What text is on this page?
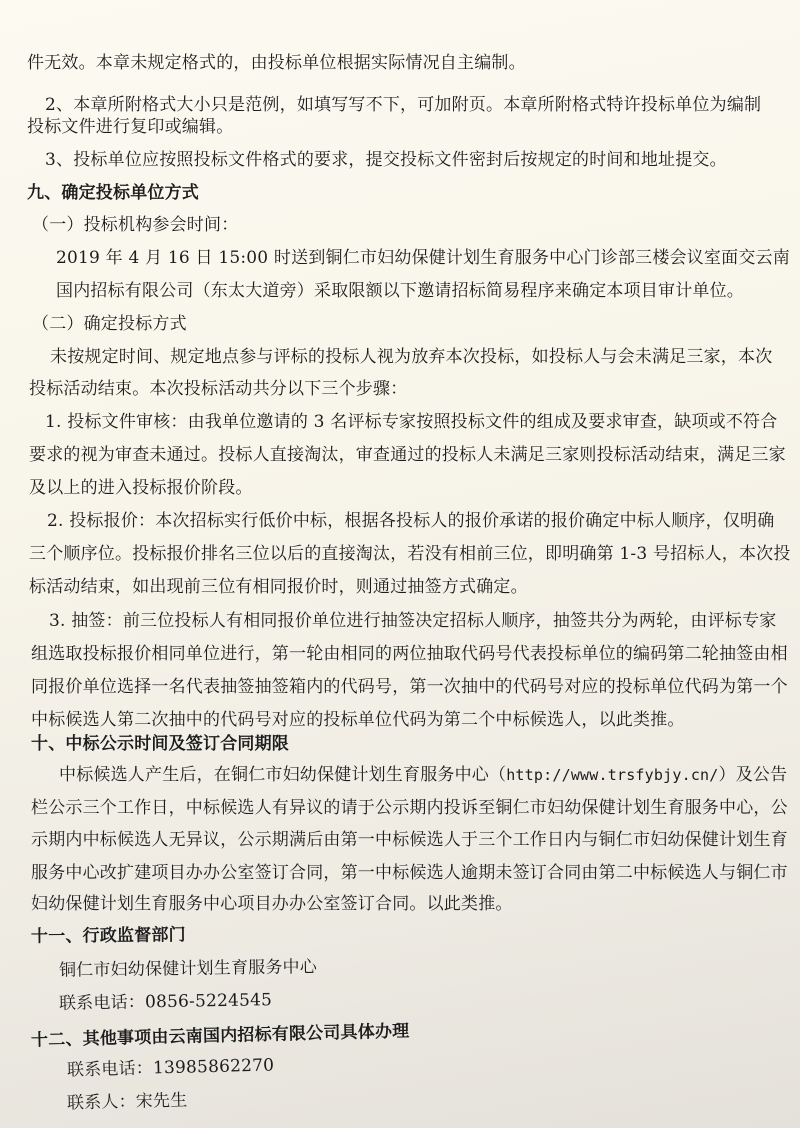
件无效。本章未规定格式的，由投标单位根据实际情况自主编制。
2、本章所附格式大小只是范例，如填写写不下，可加附页。本章所附格式特许投标单位为编制
投标文件进行复印或编辑。
3、投标单位应按照投标文件格式的要求，提交投标文件密封后按规定的时间和地址提交。
九、确定投标单位方式
（一）投标机构参会时间：
2019 年 4 月 16 日 15:00 时送到铜仁市妇幼保健计划生育服务中心门诊部三楼会议室面交云南
国内招标有限公司（东太大道旁）采取限额以下邀请招标简易程序来确定本项目审计单位。
（二）确定投标方式
未按规定时间、规定地点参与评标的投标人视为放弃本次投标，如投标人与会未满足三家，本次
投标活动结束。本次投标活动共分以下三个步骤：
1. 投标文件审核：由我单位邀请的 3 名评标专家按照投标文件的组成及要求审查，缺项或不符合
要求的视为审查未通过。投标人直接淘汰，审查通过的投标人未满足三家则投标活动结束，满足三家
及以上的进入投标报价阶段。
2. 投标报价：本次招标实行低价中标，根据各投标人的报价承诺的报价确定中标人顺序，仅明确
三个顺序位。投标报价排名三位以后的直接淘汰，若没有相前三位，即明确第 1-3 号招标人，本次投
标活动结束，如出现前三位有相同报价时，则通过抽签方式确定。
3. 抽签：前三位投标人有相同报价单位进行抽签决定招标人顺序，抽签共分为两轮，由评标专家
组选取投标报价相同单位进行，第一轮由相同的两位抽取代码号代表投标单位的编码第二轮抽签由相
同报价单位选择一名代表抽签抽签箱内的代码号，第一次抽中的代码号对应的投标单位代码为第一个
中标候选人第二次抽中的代码号对应的投标单位代码为第二个中标候选人，以此类推。
十、中标公示时间及签订合同期限
中标候选人产生后，在铜仁市妇幼保健计划生育服务中心（http://www.trsfybjy.cn/）及公告
栏公示三个工作日，中标候选人有异议的请于公示期内投诉至铜仁市妇幼保健计划生育服务中心，公
示期内中标候选人无异议，公示期满后由第一中标候选人于三个工作日内与铜仁市妇幼保健计划生育
服务中心改扩建项目办办公室签订合同，第一中标候选人逾期未签订合同由第二中标候选人与铜仁市
妇幼保健计划生育服务中心项目办办公室签订合同。以此类推。
十一、行政监督部门
铜仁市妇幼保健计划生育服务中心
联系电话：0856-5224545
十二、其他事项由云南国内招标有限公司具体办理
联系电话：13985862270
联系人：宋先生
